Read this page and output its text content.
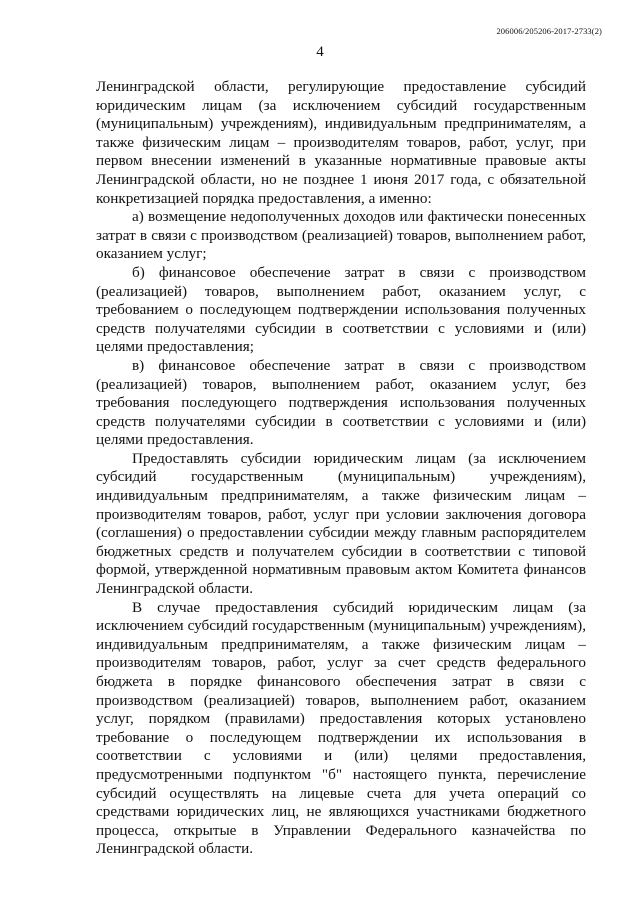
206006/205206-2017-2733(2)
4

Ленинградской области, регулирующие предоставление субсидий юридическим лицам (за исключением субсидий государственным (муниципальным) учреждениям), индивидуальным предпринимателям, а также физическим лицам – производителям товаров, работ, услуг, при первом внесении изменений в указанные нормативные правовые акты Ленинградской области, но не позднее 1 июня 2017 года, с обязательной конкретизацией порядка предоставления, а именно:

а) возмещение недополученных доходов или фактически понесенных затрат в связи с производством (реализацией) товаров, выполнением работ, оказанием услуг;

б) финансовое обеспечение затрат в связи с производством (реализацией) товаров, выполнением работ, оказанием услуг, с требованием о последующем подтверждении использования полученных средств получателями субсидии в соответствии с условиями и (или) целями предоставления;

в) финансовое обеспечение затрат в связи с производством (реализацией) товаров, выполнением работ, оказанием услуг, без требования последующего подтверждения использования полученных средств получателями субсидии в соответствии с условиями и (или) целями предоставления.

Предоставлять субсидии юридическим лицам (за исключением субсидий государственным (муниципальным) учреждениям), индивидуальным предпринимателям, а также физическим лицам – производителям товаров, работ, услуг при условии заключения договора (соглашения) о предоставлении субсидии между главным распорядителем бюджетных средств и получателем субсидии в соответствии с типовой формой, утвержденной нормативным правовым актом Комитета финансов Ленинградской области.

В случае предоставления субсидий юридическим лицам (за исключением субсидий государственным (муниципальным) учреждениям), индивидуальным предпринимателям, а также физическим лицам – производителям товаров, работ, услуг за счет средств федерального бюджета в порядке финансового обеспечения затрат в связи с производством (реализацией) товаров, выполнением работ, оказанием услуг, порядком (правилами) предоставления которых установлено требование о последующем подтверждении их использования в соответствии с условиями и (или) целями предоставления, предусмотренными подпунктом "б" настоящего пункта, перечисление субсидий осуществлять на лицевые счета для учета операций со средствами юридических лиц, не являющихся участниками бюджетного процесса, открытые в Управлении Федерального казначейства по Ленинградской области.
